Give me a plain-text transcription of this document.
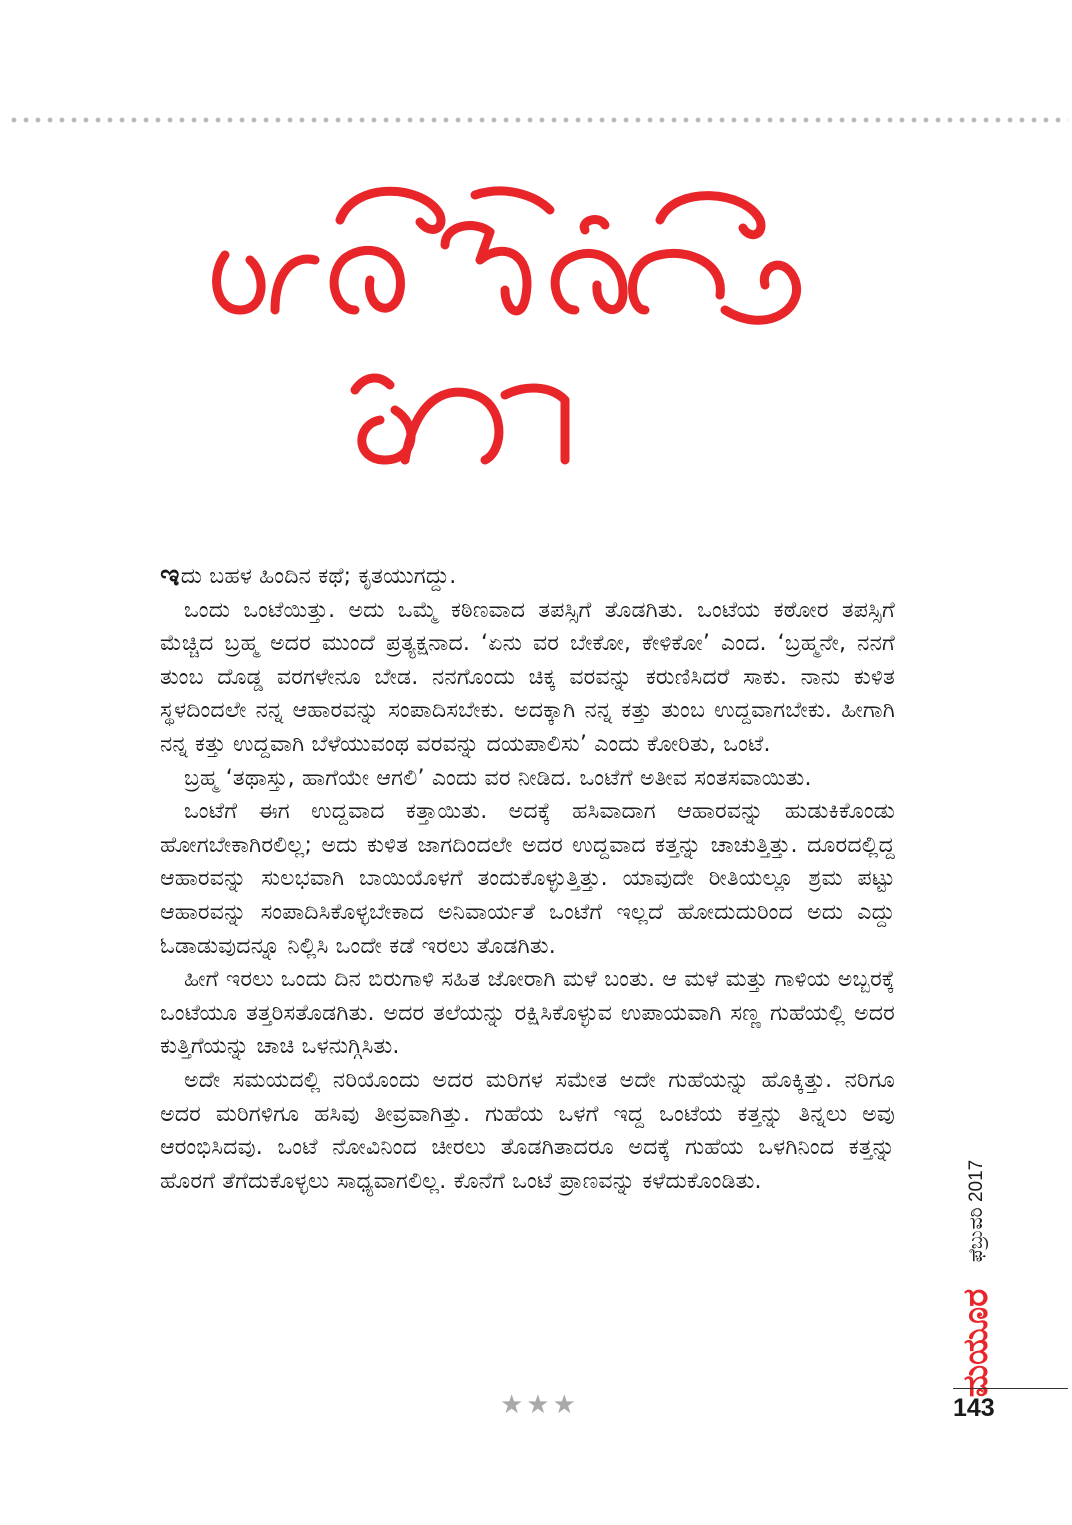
ಇದು ಬಹಳ ಹಿಂದಿನ ಕಥೆ; ಕೃತಯುಗದ್ದು.

ಒಂದು ಒಂಟೆಯಿತ್ತು. ಅದು ಒಮ್ಮೆ ಕಠಿಣವಾದ ತಪಸ್ಸಿಗೆ ತೊಡಗಿತು. ಒಂಟೆಯ ಕಠೋರ ತಪಸ್ಸಿಗೆ ಮೆಚ್ಚಿದ ಬ್ರಹ್ಮ ಅದರ ಮುಂದೆ ಪ್ರತ್ಯಕ್ಷನಾದ. ‘ಏನು ವರ ಬೇಕೋ, ಕೇಳಿಕೋ’ ಎಂದ. ‘ಬ್ರಹ್ಮನೇ, ನನಗೆ ತುಂಬ ದೊಡ್ಡ ವರಗಳೇನೂ ಬೇಡ. ನನಗೊಂದು ಚಿಕ್ಕ ವರವನ್ನು ಕರುಣಿಸಿದರೆ ಸಾಕು. ನಾನು ಕುಳಿತ ಸ್ಥಳದಿಂದಲೇ ನನ್ನ ಆಹಾರವನ್ನು ಸಂಪಾದಿಸಬೇಕು. ಅದಕ್ಕಾಗಿ ನನ್ನ ಕತ್ತು ತುಂಬ ಉದ್ದವಾಗಬೇಕು. ಹೀಗಾಗಿ ನನ್ನ ಕತ್ತು ಉದ್ದವಾಗಿ ಬೆಳೆಯುವಂಥ ವರವನ್ನು ದಯಪಾಲಿಸು’ ಎಂದು ಕೋರಿತು, ಒಂಟೆ.

ಬ್ರಹ್ಮ ‘ತಥಾಸ್ತು, ಹಾಗೆಯೇ ಆಗಲಿ’ ಎಂದು ವರ ನೀಡಿದ. ಒಂಟೆಗೆ ಅತೀವ ಸಂತಸವಾಯಿತು.

ಒಂಟೆಗೆ ಈಗ ಉದ್ದವಾದ ಕತ್ತಾಯಿತು. ಅದಕ್ಕೆ ಹಸಿವಾದಾಗ ಆಹಾರವನ್ನು ಹುಡುಕಿಕೊಂಡು ಹೋಗಬೇಕಾಗಿರಲಿಲ್ಲ; ಅದು ಕುಳಿತ ಜಾಗದಿಂದಲೇ ಅದರ ಉದ್ದವಾದ ಕತ್ತನ್ನು ಚಾಚುತ್ತಿತ್ತು. ದೂರದಲ್ಲಿದ್ದ ಆಹಾರವನ್ನು ಸುಲಭವಾಗಿ ಬಾಯಿಯೊಳಗೆ ತಂದುಕೊಳ್ಳುತ್ತಿತ್ತು. ಯಾವುದೇ ರೀತಿಯಲ್ಲೂ ಶ್ರಮ ಪಟ್ಟು ಆಹಾರವನ್ನು ಸಂಪಾದಿಸಿಕೊಳ್ಳಬೇಕಾದ ಅನಿವಾರ್ಯತೆ ಒಂಟೆಗೆ ಇಲ್ಲದೆ ಹೋದುದುರಿಂದ ಅದು ಎದ್ದು ಓಡಾಡುವುದನ್ನೂ ನಿಲ್ಲಿಸಿ ಒಂದೇ ಕಡೆ ಇರಲು ತೊಡಗಿತು.

ಹೀಗೆ ಇರಲು ಒಂದು ದಿನ ಬಿರುಗಾಳಿ ಸಹಿತ ಜೋರಾಗಿ ಮಳೆ ಬಂತು. ಆ ಮಳೆ ಮತ್ತು ಗಾಳಿಯ ಅಬ್ಬರಕ್ಕೆ ಒಂಟೆಯೂ ತತ್ತರಿಸತೊಡಗಿತು. ಅದರ ತಲೆಯನ್ನು ರಕ್ಷಿಸಿಕೊಳ್ಳುವ ಉಪಾಯವಾಗಿ ಸಣ್ಣ ಗುಹೆಯಲ್ಲಿ ಅದರ ಕುತ್ತಿಗೆಯನ್ನು ಚಾಚಿ ಒಳನುಗ್ಗಿಸಿತು.

ಅದೇ ಸಮಯದಲ್ಲಿ ನರಿಯೊಂದು ಅದರ ಮರಿಗಳ ಸಮೇತ ಅದೇ ಗುಹೆಯನ್ನು ಹೊಕ್ಕಿತ್ತು. ನರಿಗೂ ಅದರ ಮರಿಗಳಿಗೂ ಹಸಿವು ತೀವ್ರವಾಗಿತ್ತು. ಗುಹೆಯ ಒಳಗೆ ಇದ್ದ ಒಂಟೆಯ ಕತ್ತನ್ನು ತಿನ್ನಲು ಅವು ಆರಂಭಿಸಿದವು. ಒಂಟೆ ನೋವಿನಿಂದ ಚೀರಲು ತೊಡಗಿತಾದರೂ ಅದಕ್ಕೆ ಗುಹೆಯ ಒಳಗಿನಿಂದ ಕತ್ತನ್ನು ಹೊರಗೆ ತೆಗೆದುಕೊಳ್ಳಲು ಸಾಧ್ಯವಾಗಲಿಲ್ಲ. ಕೊನೆಗೆ ಒಂಟೆ ಪ್ರಾಣವನ್ನು ಕಳೆದುಕೊಂಡಿತು.

★★★
ಫೆಬ್ರುವರಿ 2017
ಮಯೂರ
143
